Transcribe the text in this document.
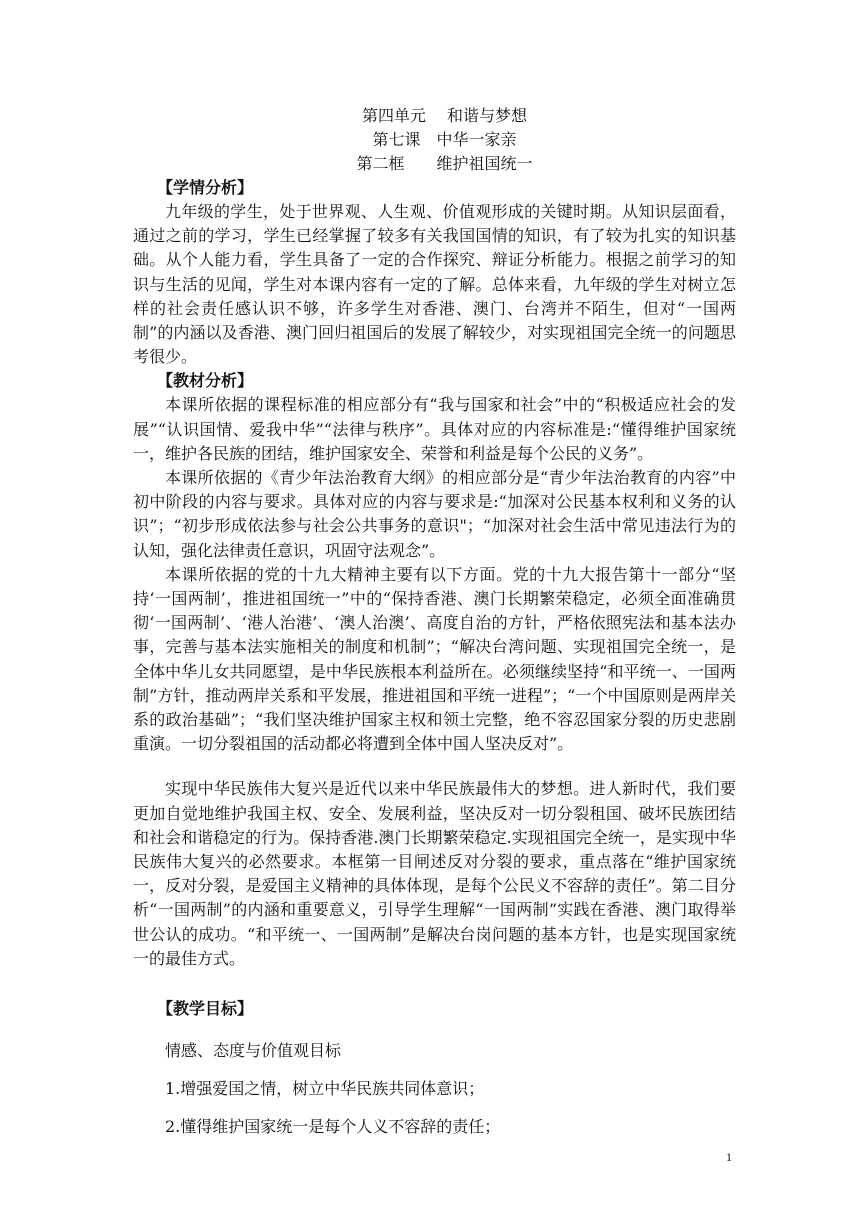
第四单元　 和谐与梦想
第七课　中华一家亲
第二框　　维护祖国统一

【学情分析】

九年级的学生，处于世界观、人生观、价值观形成的关键时期。从知识层面看，通过之前的学习，学生已经掌握了较多有关我国国情的知识，有了较为扎实的知识基础。从个人能力看，学生具备了一定的合作探究、辩证分析能力。根据之前学习的知识与生活的见闻，学生对本课内容有一定的了解。总体来看，九年级的学生对树立怎样的社会责任感认识不够，许多学生对香港、澳门、台湾并不陌生，但对“一国两制”的内涵以及香港、澳门回归祖国后的发展了解较少，对实现祖国完全统一的问题思考很少。

【教材分析】

本课所依据的课程标准的相应部分有“我与国家和社会”中的“积极适应社会的发展”“认识国情、爱我中华”“法律与秩序”。具体对应的内容标准是:“懂得维护国家统一，维护各民族的团结，维护国家安全、荣誉和利益是每个公民的义务”。

本课所依据的《青少年法治教育大纲》的相应部分是“青少年法治教育的内容”中初中阶段的内容与要求。具体对应的内容与要求是:“加深对公民基本权利和义务的认识”；“初步形成依法参与社会公共事务的意识"；“加深对社会生活中常见违法行为的认知，强化法律责任意识，巩固守法观念”。

本课所依据的党的十九大精神主要有以下方面。党的十九大报告第十一部分“坚持‘一国两制’，推进祖国统一”中的“保持香港、澳门长期繁荣稳定，必须全面准确贯彻‘一国两制’、‘港人治港’、‘澳人治澳’、高度自治的方针，严格依照宪法和基本法办事，完善与基本法实施相关的制度和机制”；“解决台湾问题、实现祖国完全统一，是全体中华儿女共同愿望，是中华民族根本利益所在。必须继续坚持“和平统一、一国两制”方针，推动两岸关系和平发展，推进祖国和平统一进程”；“一个中国原则是两岸关系的政治基础”；“我们坚决维护国家主权和领土完整，绝不容忍国家分裂的历史悲剧重演。一切分裂祖国的活动都必将遭到全体中国人坚决反对”。

实现中华民族伟大复兴是近代以来中华民族最伟大的梦想。进人新时代，我们要更加自觉地维护我国主权、安全、发展利益，坚决反对一切分裂租国、破坏民族团结和社会和谐稳定的行为。保持香港.澳门长期繁荣稳定.实现祖国完全统一，是实现中华民族伟大复兴的必然要求。本框第一目闸述反对分裂的要求，重点落在“维护国家统一，反对分裂，是爱国主义精神的具体体现，是每个公民义不容辞的责任”。第二目分析“一国两制”的内涵和重要意义，引导学生理解“一国两制”实践在香港、澳门取得举世公认的成功。“和平统一、一国两制”是解决台岗问题的基本方针，也是实现国家统一的最佳方式。

【教学目标】

情感、态度与价值观目标

1.增强爱国之情，树立中华民族共同体意识；

2.懂得维护国家统一是每个人义不容辞的责任；

1
